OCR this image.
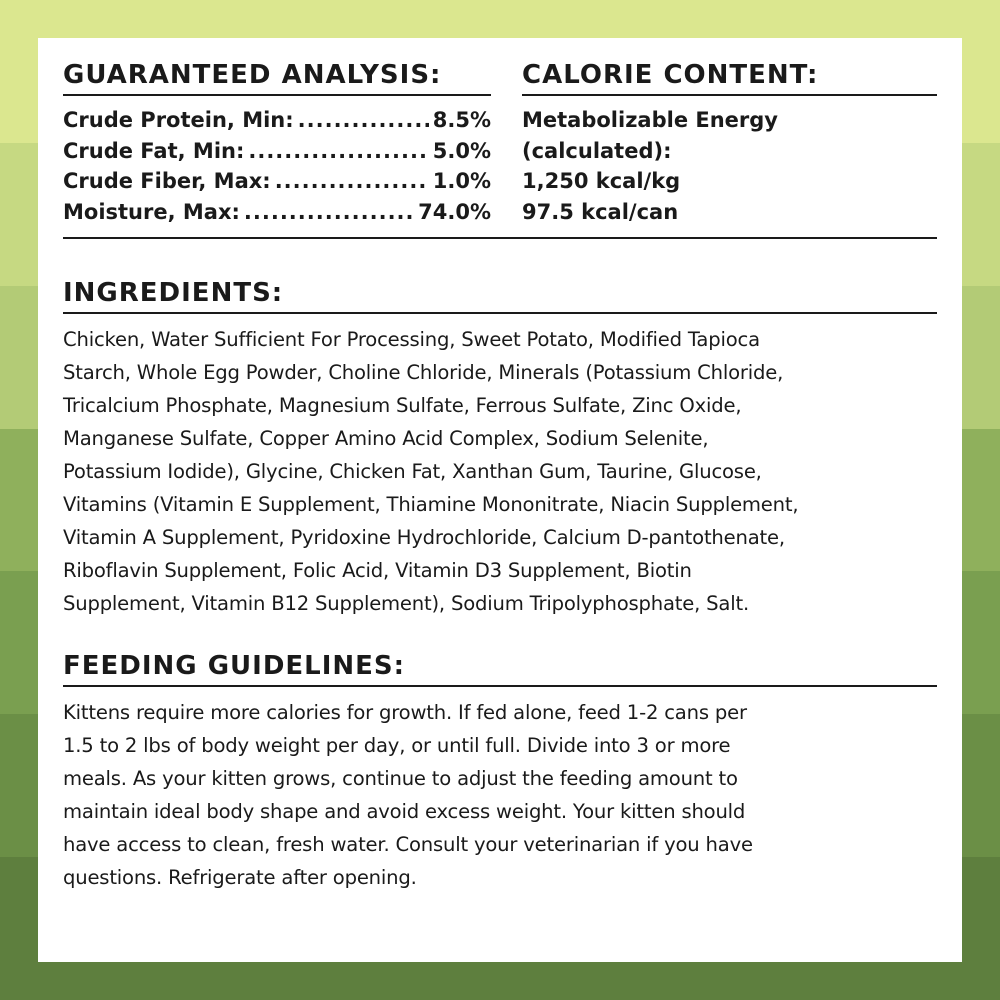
GUARANTEED ANALYSIS:
Crude Protein, Min: .....	8.5%
Crude Fat, Min: .....	5.0%
Crude Fiber, Max: .....	1.0%
Moisture, Max: .....	74.0%
CALORIE CONTENT:
Metabolizable Energy
(calculated):
1,250 kcal/kg
97.5 kcal/can
INGREDIENTS:

Chicken, Water Sufficient For Processing, Sweet Potato, Modified Tapioca
Starch, Whole Egg Powder, Choline Chloride, Minerals (Potassium Chloride,
Tricalcium Phosphate, Magnesium Sulfate, Ferrous Sulfate, Zinc Oxide,
Manganese Sulfate, Copper Amino Acid Complex, Sodium Selenite,
Potassium Iodide), Glycine, Chicken Fat, Xanthan Gum, Taurine, Glucose,
Vitamins (Vitamin E Supplement, Thiamine Mononitrate, Niacin Supplement,
Vitamin A Supplement, Pyridoxine Hydrochloride, Calcium D-pantothenate,
Riboflavin Supplement, Folic Acid, Vitamin D3 Supplement, Biotin
Supplement, Vitamin B12 Supplement), Sodium Tripolyphosphate, Salt.

FEEDING GUIDELINES:

Kittens require more calories for growth. If fed alone, feed 1-2 cans per
1.5 to 2 lbs of body weight per day, or until full. Divide into 3 or more
meals. As your kitten grows, continue to adjust the feeding amount to
maintain ideal body shape and avoid excess weight. Your kitten should
have access to clean, fresh water. Consult your veterinarian if you have
questions. Refrigerate after opening.
